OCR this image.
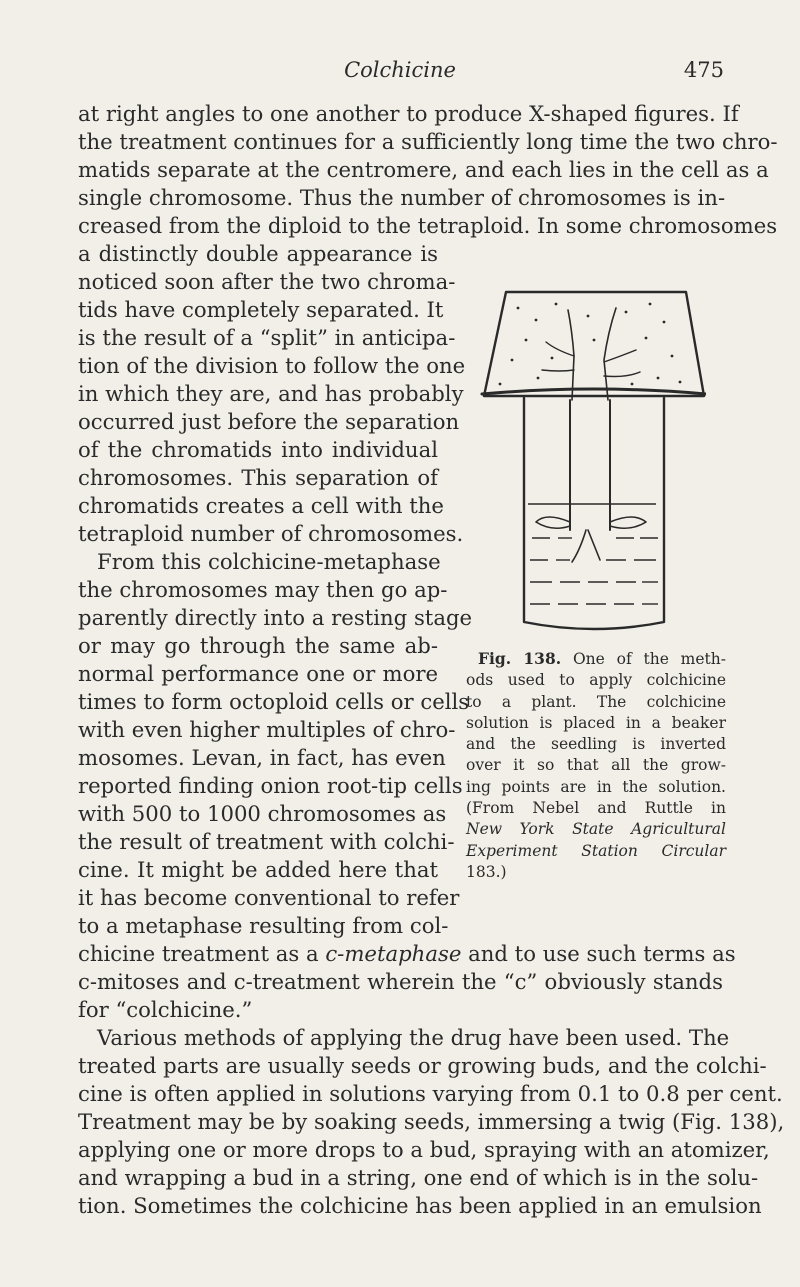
Colchicine	475
at right angles to one another to produce X-shaped figures. If
the treatment continues for a sufficiently long time the two chro-
matids separate at the centromere, and each lies in the cell as a
single chromosome. Thus the number of chromosomes is in-
creased from the diploid to the tetraploid. In some chromosomes
a distinctly double appearance is
noticed soon after the two chroma-
tids have completely separated. It
is the result of a “split” in anticipa-
tion of the division to follow the one
in which they are, and has probably
occurred just before the separation
of the chromatids into individual
chromosomes. This separation of
chromatids creates a cell with the
tetraploid number of chromosomes.
From this colchicine-metaphase
the chromosomes may then go ap-
parently directly into a resting stage
or may go through the same ab-
normal performance one or more
times to form octoploid cells or cells
with even higher multiples of chro-
mosomes. Levan, in fact, has even
reported finding onion root-tip cells
with 500 to 1000 chromosomes as
the result of treatment with colchi-
cine. It might be added here that
it has become conventional to refer
to a metaphase resulting from col-
chicine treatment as a c-metaphase and to use such terms as
c-mitoses and c-treatment wherein the “c” obviously stands
for “colchicine.”
Various methods of applying the drug have been used. The
treated parts are usually seeds or growing buds, and the colchi-
cine is often applied in solutions varying from 0.1 to 0.8 per cent.
Treatment may be by soaking seeds, immersing a twig (Fig. 138),
applying one or more drops to a bud, spraying with an atomizer,
and wrapping a bud in a string, one end of which is in the solu-
tion. Sometimes the colchicine has been applied in an emulsion
Fig. 138. One of the meth-
ods used to apply colchicine
to a plant. The colchicine
solution is placed in a beaker
and the seedling is inverted
over it so that all the grow-
ing points are in the solution.
(From Nebel and Ruttle in
New York State Agricultural
Experiment Station Circular
183.)
